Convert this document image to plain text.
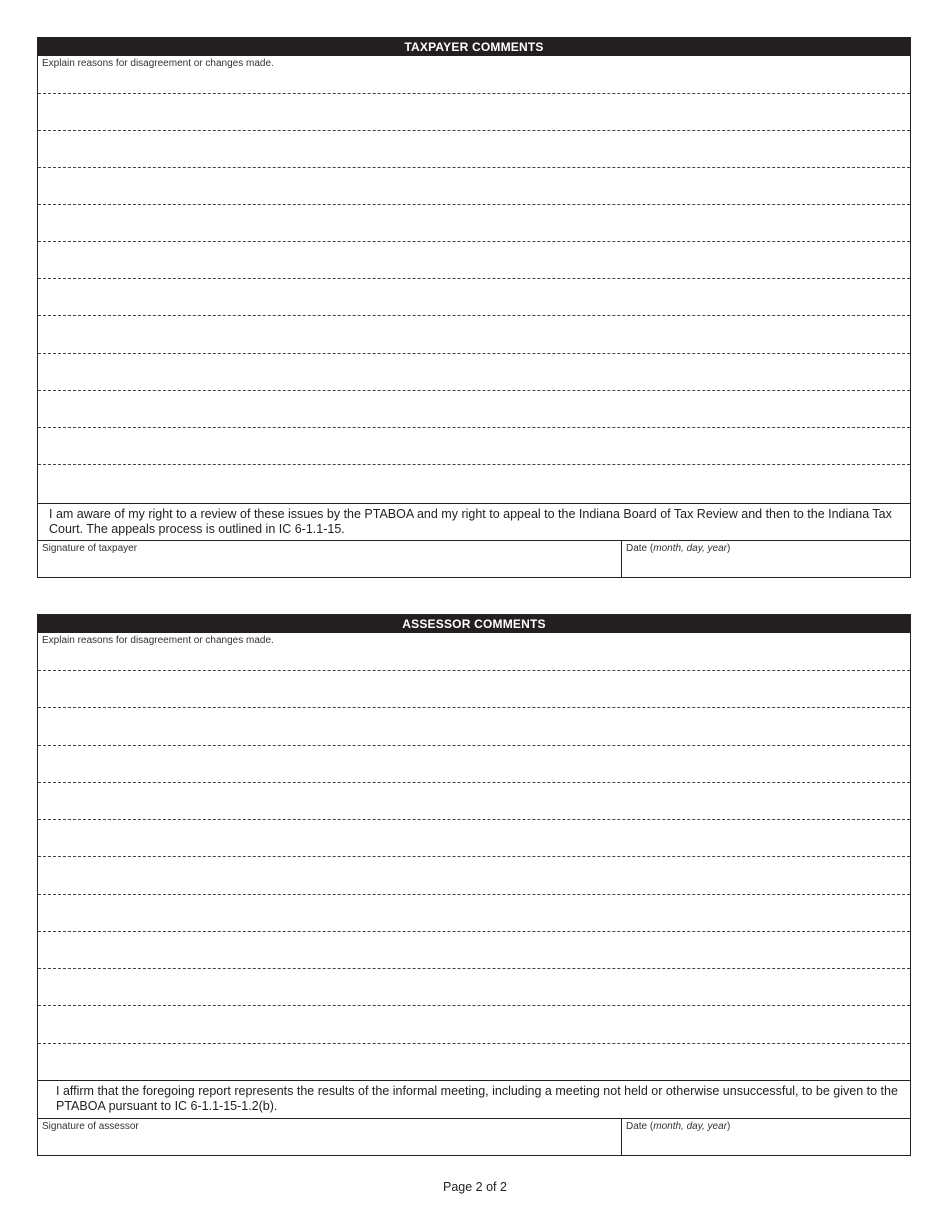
TAXPAYER COMMENTS
Explain reasons for disagreement or changes made.
I am aware of my right to a review of these issues by the PTABOA and my right to appeal to the Indiana Board of Tax Review and then to the Indiana Tax Court. The appeals process is outlined in IC 6-1.1-15.
Signature of taxpayer	Date (month, day, year)
ASSESSOR COMMENTS
Explain reasons for disagreement or changes made.
I affirm that the foregoing report represents the results of the informal meeting, including a meeting not held or otherwise unsuccessful, to be given to the PTABOA pursuant to IC 6-1.1-15-1.2(b).
Signature of assessor	Date (month, day, year)
Page 2 of 2
